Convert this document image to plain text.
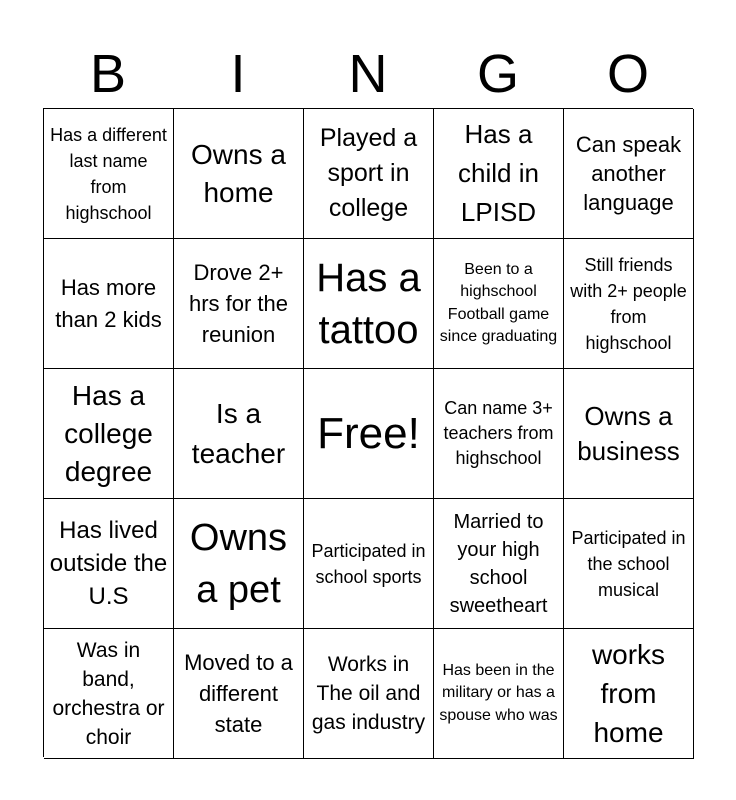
B	I	N	G	O
Has a different last name from highschool
Owns a home
Played a sport in college
Has a child in LPISD
Can speak another language
Has more than 2 kids
Drove 2+ hrs for the reunion
Has a tattoo
Been to a highschool Football game since graduating
Still friends with 2+ people from highschool
Has a college degree
Is a teacher Free!
Can name 3+ teachers from highschool
Owns a business
Has lived outside the U.S
Owns a pet
Participated in school sports
Married to your high school sweetheart
Participated in the school musical
Was in band, orchestra or choir
Moved to a different state
Works in The oil and gas industry
Has been in the military or has a spouse who was
works from home
